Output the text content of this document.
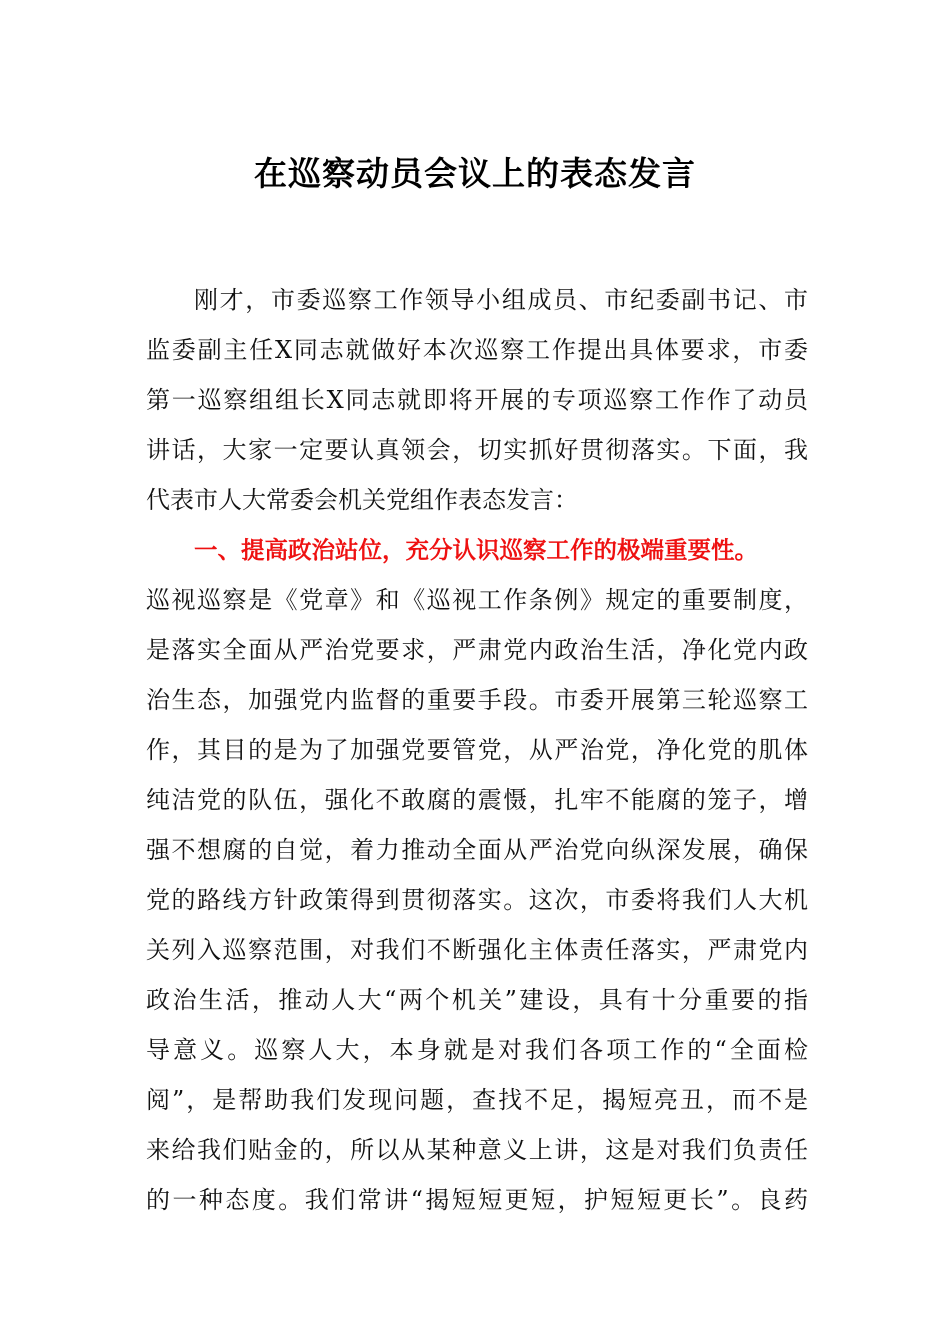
在巡察动员会议上的表态发言
刚才，市委巡察工作领导小组成员、市纪委副书记、市
监委副主任X同志就做好本次巡察工作提出具体要求，市委
第一巡察组组长X同志就即将开展的专项巡察工作作了动员
讲话，大家一定要认真领会，切实抓好贯彻落实。下面，我
代表市人大常委会机关党组作表态发言：
一、提高政治站位，充分认识巡察工作的极端重要性。
巡视巡察是《党章》和《巡视工作条例》规定的重要制度，
是落实全面从严治党要求，严肃党内政治生活，净化党内政
治生态，加强党内监督的重要手段。市委开展第三轮巡察工
作，其目的是为了加强党要管党，从严治党，净化党的肌体
纯洁党的队伍，强化不敢腐的震慑，扎牢不能腐的笼子，增
强不想腐的自觉，着力推动全面从严治党向纵深发展，确保
党的路线方针政策得到贯彻落实。这次，市委将我们人大机
关列入巡察范围，对我们不断强化主体责任落实，严肃党内
政治生活，推动人大“两个机关”建设，具有十分重要的指
导意义。巡察人大，本身就是对我们各项工作的“全面检
阅”，是帮助我们发现问题，查找不足，揭短亮丑，而不是
来给我们贴金的，所以从某种意义上讲，这是对我们负责任
的一种态度。我们常讲“揭短短更短，护短短更长”。良药
